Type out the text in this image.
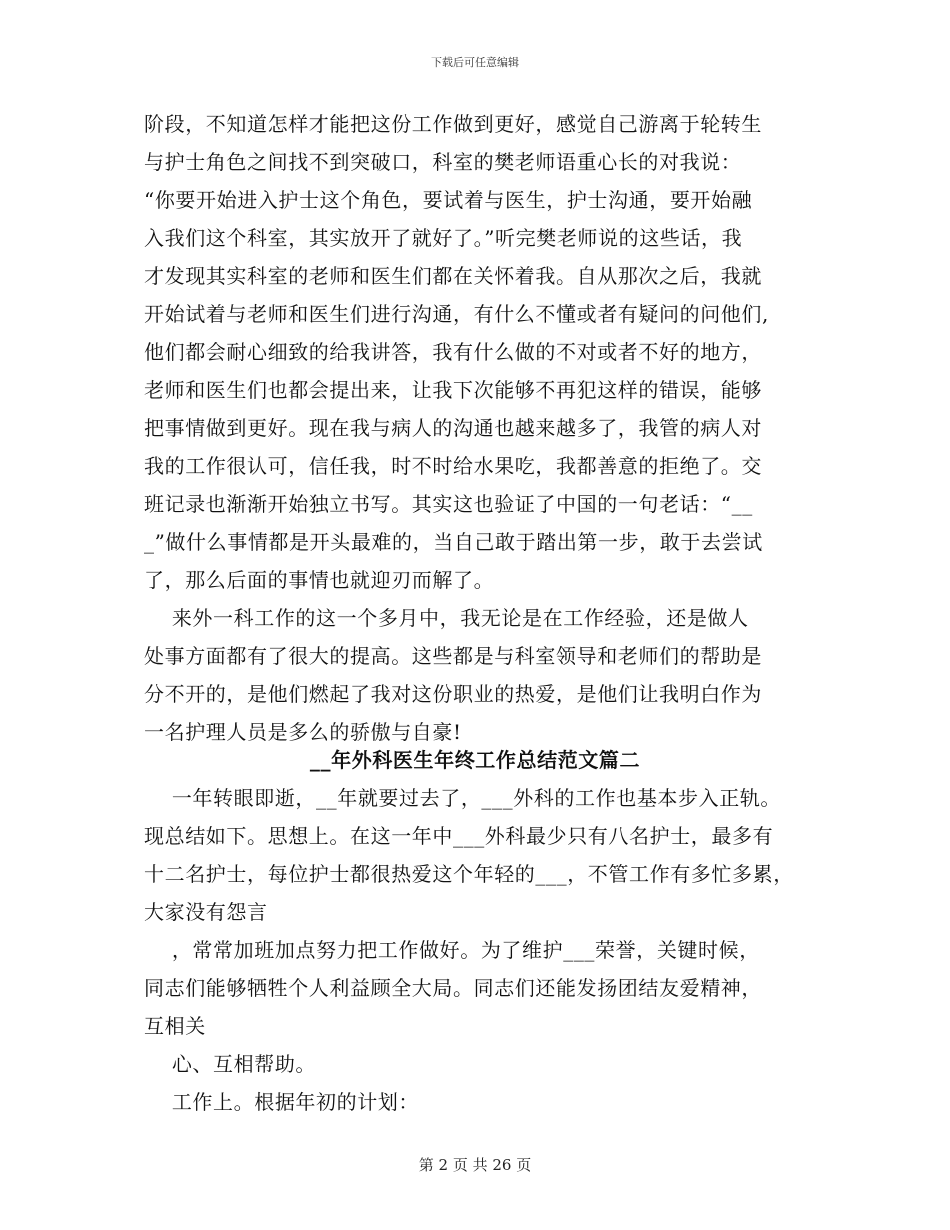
下载后可任意编辑
阶段，不知道怎样才能把这份工作做到更好，感觉自己游离于轮转生
与护士角色之间找不到突破口，科室的樊老师语重心长的对我说：
“你要开始进入护士这个角色，要试着与医生，护士沟通，要开始融
入我们这个科室，其实放开了就好了。”听完樊老师说的这些话，我
才发现其实科室的老师和医生们都在关怀着我。自从那次之后，我就
开始试着与老师和医生们进行沟通，有什么不懂或者有疑问的问他们,
他们都会耐心细致的给我讲答，我有什么做的不对或者不好的地方，
老师和医生们也都会提出来，让我下次能够不再犯这样的错误，能够
把事情做到更好。现在我与病人的沟通也越来越多了，我管的病人对
我的工作很认可，信任我，时不时给水果吃，我都善意的拒绝了。交
班记录也渐渐开始独立书写。其实这也验证了中国的一句老话：“__
_”做什么事情都是开头最难的，当自己敢于踏出第一步，敢于去尝试
了，那么后面的事情也就迎刃而解了。
来外一科工作的这一个多月中，我无论是在工作经验，还是做人
处事方面都有了很大的提高。这些都是与科室领导和老师们的帮助是
分不开的，是他们燃起了我对这份职业的热爱，是他们让我明白作为
一名护理人员是多么的骄傲与自豪!
__年外科医生年终工作总结范文篇二
一年转眼即逝，__年就要过去了，___外科的工作也基本步入正轨。
现总结如下。思想上。在这一年中___外科最少只有八名护士，最多有
十二名护士，每位护士都很热爱这个年轻的___，不管工作有多忙多累，
大家没有怨言
，常常加班加点努力把工作做好。为了维护___荣誉，关键时候，
同志们能够牺牲个人利益顾全大局。同志们还能发扬团结友爱精神，
互相关
心、互相帮助。
工作上。根据年初的计划：
第 2 页 共 26 页
